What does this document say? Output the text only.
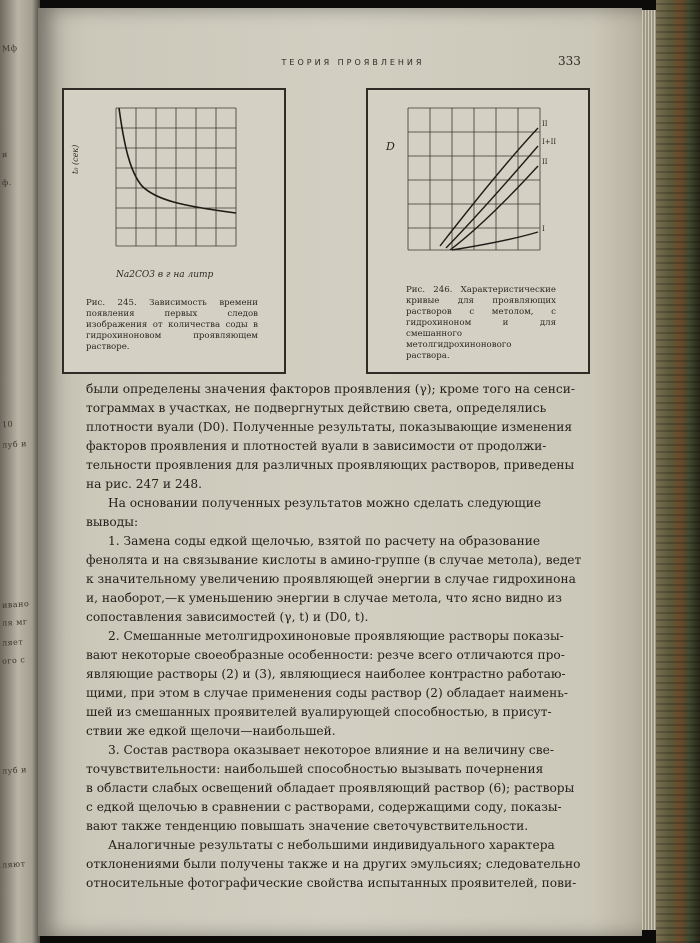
Мф
и
ф.
10
луб и
ивано
ля мг
ляет
ого с
луб и
ляют
ТЕОРИЯ ПРОЯВЛЕНИЯ	333
t₀ (сек)
Na2CO3 в г на литр
Рис. 245. Зависимость времени появления первых следов изображения от количества соды в гидрохиноновом проявляющем растворе.
D
II
I+II
II
I
Рис. 246. Характеристические кривые для проявляющих растворов с метолом, с гидрохиноном и для смешанного метолгидрохинонового раствора.
были определены значения факторов проявления (γ); кроме того на сенси-
тограммах в участках, не подвергнутых действию света, определялись
плотности вуали (D0). Полученные результаты, показывающие изменения
факторов проявления и плотностей вуали в зависимости от продолжи-
тельности проявления для различных проявляющих растворов, приведены
на рис. 247 и 248.
На основании полученных результатов можно сделать следующие
выводы:
1. Замена соды едкой щелочью, взятой по расчету на образование
фенолята и на связывание кислоты в амино-группе (в случае метола), ведет
к значительному увеличению проявляющей энергии в случае гидрохинона
и, наоборот,—к уменьшению энергии в случае метола, что ясно видно из
сопоставления зависимостей (γ, t) и (D0, t).
2. Смешанные метолгидрохиноновые проявляющие растворы показы-
вают некоторые своеобразные особенности: резче всего отличаются про-
являющие растворы (2) и (3), являющиеся наиболее контрастно работаю-
щими, при этом в случае применения соды раствор (2) обладает наимень-
шей из смешанных проявителей вуалирующей способностью, в присут-
ствии же едкой щелочи—наибольшей.
3. Состав раствора оказывает некоторое влияние и на величину све-
точувствительности: наибольшей способностью вызывать почернения
в области слабых освещений обладает проявляющий раствор (6); растворы
с едкой щелочью в сравнении с растворами, содержащими соду, показы-
вают также тенденцию повышать значение светочувствительности.
Аналогичные результаты с небольшими индивидуального характера
отклонениями были получены также и на других эмульсиях; следовательно
относительные фотографические свойства испытанных проявителей, пови-
